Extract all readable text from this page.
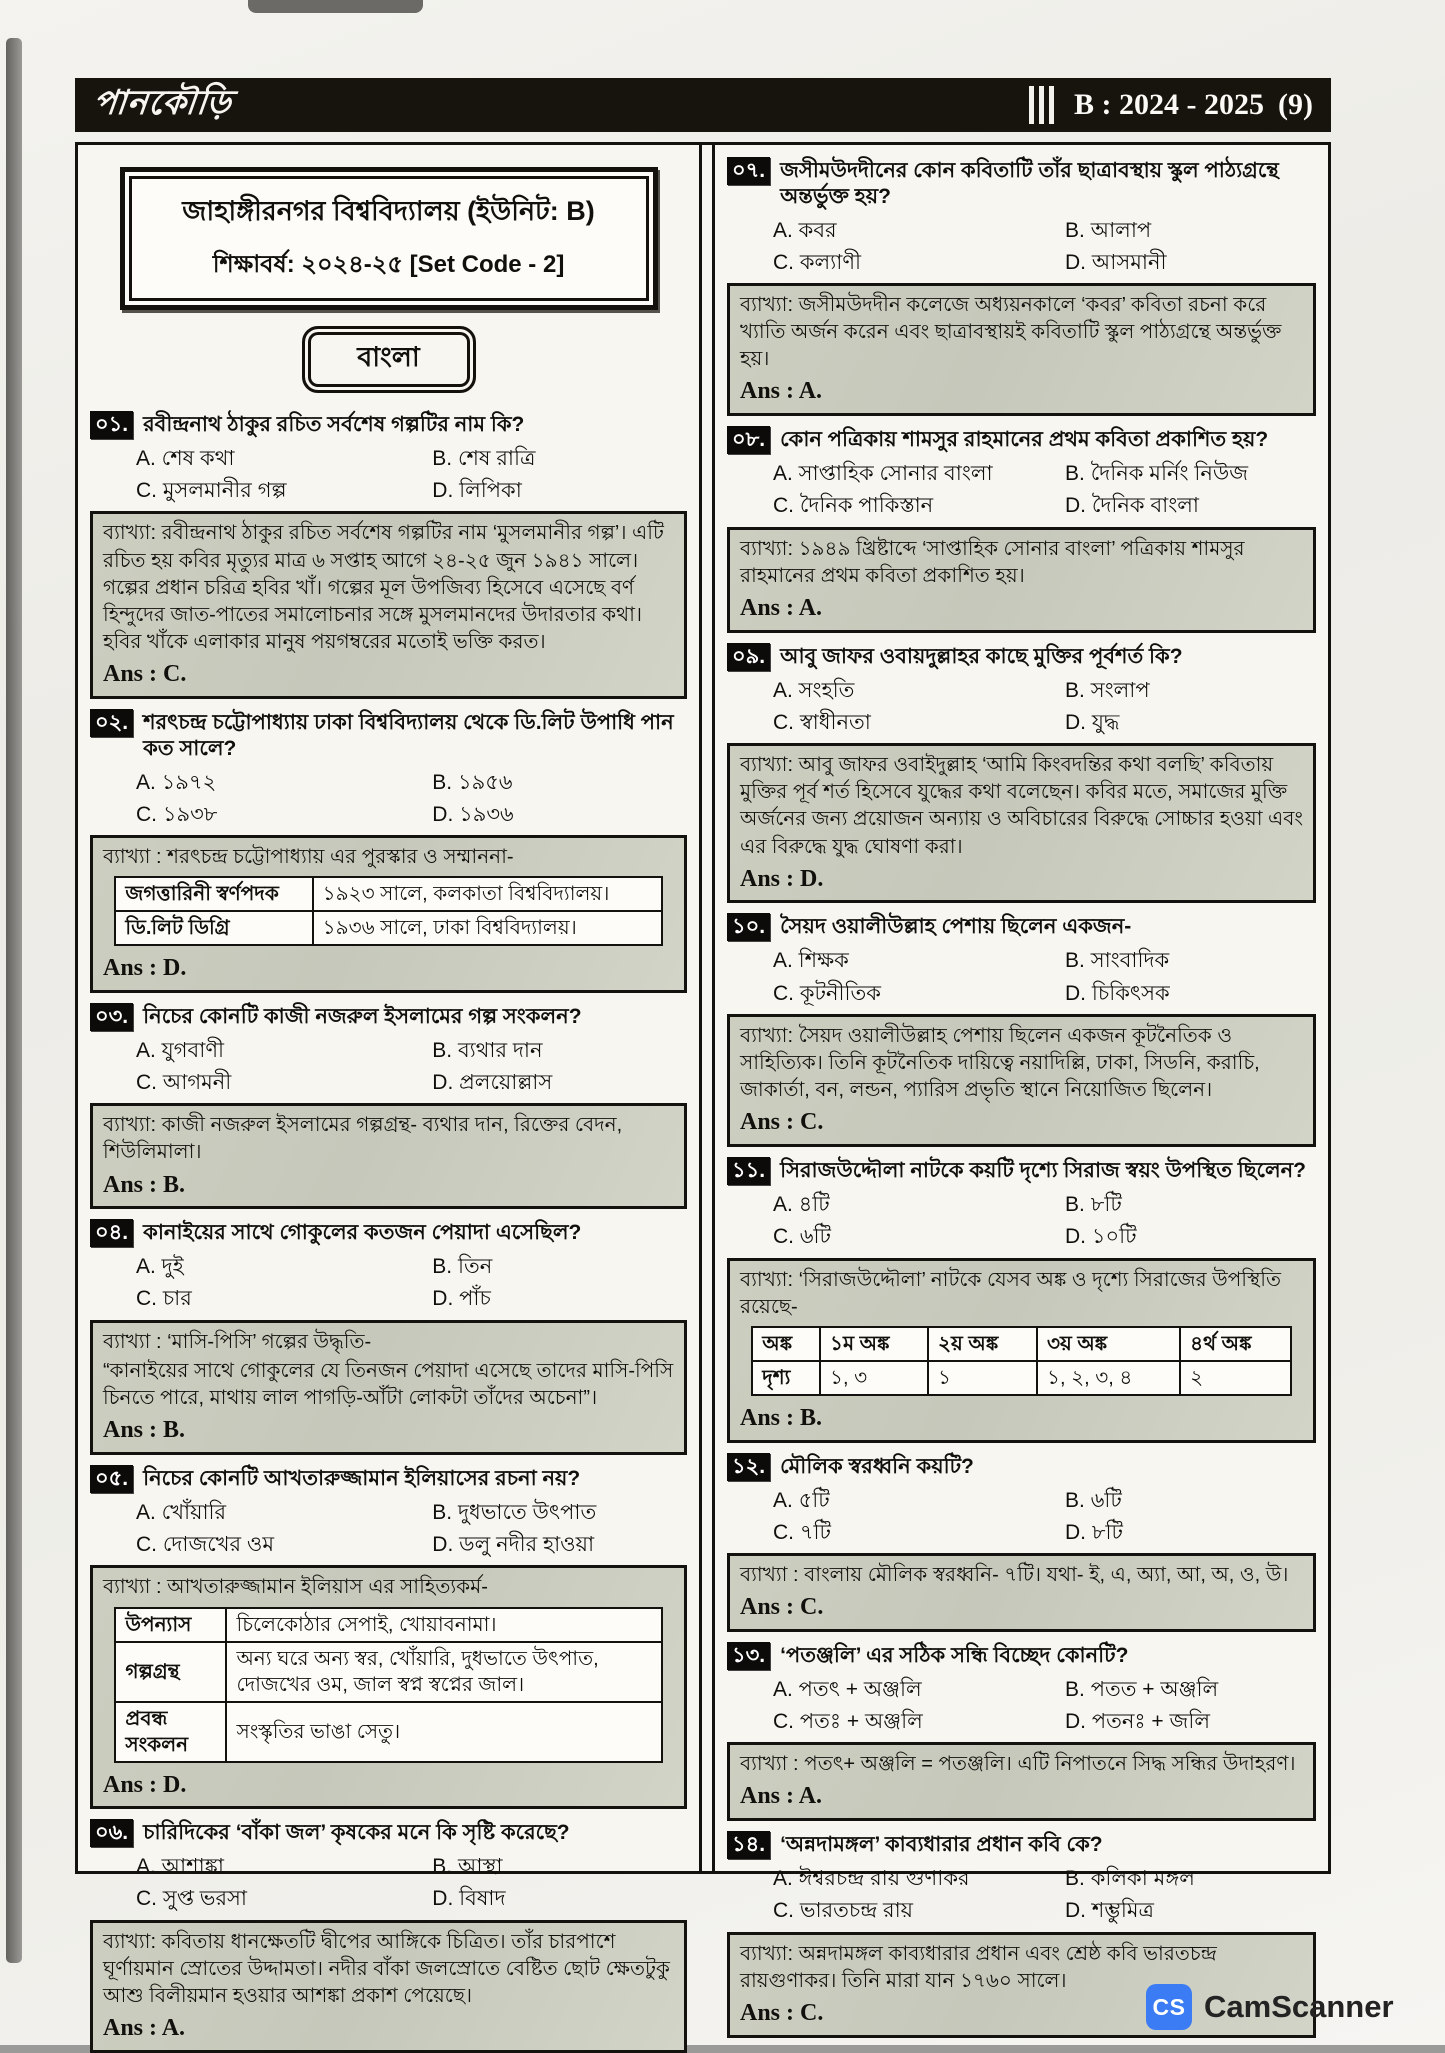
পানকৌড়ি	B : 2024 - 2025 (9)
জাহাঙ্গীরনগর বিশ্ববিদ্যালয় (ইউনিট: B)
শিক্ষাবর্ষ: ২০২৪-২৫ [Set Code - 2]
বাংলা
০১. রবীন্দ্রনাথ ঠাকুর রচিত সর্বশেষ গল্পটির নাম কি?
A. শেষ কথা	B. শেষ রাত্রি
C. মুসলমানীর গল্প	D. লিপিকা

ব্যাখ্যা: রবীন্দ্রনাথ ঠাকুর রচিত সর্বশেষ গল্পটির নাম ‘মুসলমানীর গল্প’। এটি রচিত হয় কবির মৃত্যুর মাত্র ৬ সপ্তাহ আগে ২৪-২৫ জুন ১৯৪১ সালে। গল্পের প্রধান চরিত্র হবির খাঁ। গল্পের মূল উপজিব্য হিসেবে এসেছে বর্ণ হিন্দুদের জাত-পাতের সমালোচনার সঙ্গে মুসলমানদের উদারতার কথা। হবির খাঁকে এলাকার মানুষ পয়গম্বরের মতোই ভক্তি করত।

Ans : C.
০২. শরৎচন্দ্র চট্টোপাধ্যায় ঢাকা বিশ্ববিদ্যালয় থেকে ডি.লিট উপাধি পান কত সালে?
A. ১৯৭২	B. ১৯৫৬
C. ১৯৩৮	D. ১৯৩৬

ব্যাখ্যা : শরৎচন্দ্র চট্টোপাধ্যায় এর পুরস্কার ও সম্মাননা-

জগত্তারিনী স্বর্ণপদক	১৯২৩ সালে, কলকাতা বিশ্ববিদ্যালয়।
ডি.লিট ডিগ্রি	১৯৩৬ সালে, ঢাকা বিশ্ববিদ্যালয়।
Ans : D.
০৩. নিচের কোনটি কাজী নজরুল ইসলামের গল্প সংকলন?
A. যুগবাণী	B. ব্যথার দান
C. আগমনী	D. প্রলয়োল্লাস

ব্যাখ্যা: কাজী নজরুল ইসলামের গল্পগ্রন্থ- ব্যথার দান, রিক্তের বেদন, শিউলিমালা।

Ans : B.
০৪. কানাইয়ের সাথে গোকুলের কতজন পেয়াদা এসেছিল?
A. দুই	B. তিন
C. চার	D. পাঁচ

ব্যাখ্যা : ‘মাসি-পিসি’ গল্পের উদ্ধৃতি-

“কানাইয়ের সাথে গোকুলের যে তিনজন পেয়াদা এসেছে তাদের মাসি-পিসি চিনতে পারে, মাথায় লাল পাগড়ি-আঁটা লোকটা তাঁদের অচেনা”।

Ans : B.
০৫. নিচের কোনটি আখতারুজ্জামান ইলিয়াসের রচনা নয়?
A. খোঁয়ারি	B. দুধভাতে উৎপাত
C. দোজখের ওম	D. ডলু নদীর হাওয়া

ব্যাখ্যা : আখতারুজ্জামান ইলিয়াস এর সাহিত্যকর্ম-

উপন্যাস	চিলেকোঠার সেপাই, খোয়াবনামা।
গল্পগ্রন্থ	অন্য ঘরে অন্য স্বর, খোঁয়ারি, দুধভাতে উৎপাত, দোজখের ওম, জাল স্বপ্ন স্বপ্নের জাল।
প্রবন্ধ সংকলন	সংস্কৃতির ভাঙা সেতু।
Ans : D.
০৬. চারিদিকের ‘বাঁকা জল’ কৃষকের মনে কি সৃষ্টি করেছে?
A. আশাঙ্কা	B. আস্থা
C. সুপ্ত ভরসা	D. বিষাদ

ব্যাখ্যা: কবিতায় ধানক্ষেতটি দ্বীপের আঙ্গিকে চিত্রিত। তাঁর চারপাশে ঘূর্ণায়মান স্রোতের উদ্দামতা। নদীর বাঁকা জলস্রোতে বেষ্টিত ছোট ক্ষেতটুকু আশু বিলীয়মান হওয়ার আশঙ্কা প্রকাশ পেয়েছে।

Ans : A.
০৭. জসীমউদদীনের কোন কবিতাটি তাঁর ছাত্রাবস্থায় স্কুল পাঠ্যগ্রন্থে অন্তর্ভুক্ত হয়?
A. কবর	B. আলাপ
C. কল্যাণী	D. আসমানী

ব্যাখ্যা: জসীমউদদীন কলেজে অধ্যয়নকালে ‘কবর’ কবিতা রচনা করে খ্যাতি অর্জন করেন এবং ছাত্রাবস্থায়ই কবিতাটি স্কুল পাঠ্যগ্রন্থে অন্তর্ভুক্ত হয়।

Ans : A.
০৮. কোন পত্রিকায় শামসুর রাহমানের প্রথম কবিতা প্রকাশিত হয়?
A. সাপ্তাহিক সোনার বাংলা	B. দৈনিক মর্নিং নিউজ
C. দৈনিক পাকিস্তান	D. দৈনিক বাংলা

ব্যাখ্যা: ১৯৪৯ খ্রিষ্টাব্দে ‘সাপ্তাহিক সোনার বাংলা’ পত্রিকায় শামসুর রাহমানের প্রথম কবিতা প্রকাশিত হয়।

Ans : A.
০৯. আবু জাফর ওবায়দুল্লাহর কাছে মুক্তির পূর্বশর্ত কি?
A. সংহতি	B. সংলাপ
C. স্বাধীনতা	D. যুদ্ধ

ব্যাখ্যা: আবু জাফর ওবাইদুল্লাহ ‘আমি কিংবদন্তির কথা বলছি’ কবিতায় মুক্তির পূর্ব শর্ত হিসেবে যুদ্ধের কথা বলেছেন। কবির মতে, সমাজের মুক্তি অর্জনের জন্য প্রয়োজন অন্যায় ও অবিচারের বিরুদ্ধে সোচ্চার হওয়া এবং এর বিরুদ্ধে যুদ্ধ ঘোষণা করা।

Ans : D.
১০. সৈয়দ ওয়ালীউল্লাহ পেশায় ছিলেন একজন-
A. শিক্ষক	B. সাংবাদিক
C. কূটনীতিক	D. চিকিৎসক

ব্যাখ্যা: সৈয়দ ওয়ালীউল্লাহ পেশায় ছিলেন একজন কূটনৈতিক ও সাহিত্যিক। তিনি কূটনৈতিক দায়িত্বে নয়াদিল্লি, ঢাকা, সিডনি, করাচি, জাকার্তা, বন, লন্ডন, প্যারিস প্রভৃতি স্থানে নিয়োজিত ছিলেন।

Ans : C.
১১. সিরাজউদ্দৌলা নাটকে কয়টি দৃশ্যে সিরাজ স্বয়ং উপস্থিত ছিলেন?
A. ৪টি	B. ৮টি
C. ৬টি	D. ১০টি

ব্যাখ্যা: ‘সিরাজউদ্দৌলা’ নাটকে যেসব অঙ্ক ও দৃশ্যে সিরাজের উপস্থিতি রয়েছে-

অঙ্ক	১ম অঙ্ক	২য় অঙ্ক	৩য় অঙ্ক	৪র্থ অঙ্ক
দৃশ্য	১, ৩	১	১, ২, ৩, ৪	২
Ans : B.
১২. মৌলিক স্বরধ্বনি কয়টি?
A. ৫টি	B. ৬টি
C. ৭টি	D. ৮টি

ব্যাখ্যা : বাংলায় মৌলিক স্বরধ্বনি- ৭টি। যথা- ই, এ, অ্যা, আ, অ, ও, উ।

Ans : C.
১৩. ‘পতঞ্জলি’ এর সঠিক সন্ধি বিচ্ছেদ কোনটি?
A. পতৎ + অঞ্জলি	B. পতত + অঞ্জলি
C. পতঃ + অঞ্জলি	D. পতনঃ + জলি

ব্যাখ্যা : পতৎ+ অঞ্জলি = পতঞ্জলি। এটি নিপাতনে সিদ্ধ সন্ধির উদাহরণ।

Ans : A.
১৪. ‘অন্নদামঙ্গল’ কাব্যধারার প্রধান কবি কে?
A. ঈশ্বরচন্দ্র রায় গুণাকর	B. কলিকা মঙ্গল
C. ভারতচন্দ্র রায়	D. শম্ভুমিত্র

ব্যাখ্যা: অন্নদামঙ্গল কাব্যধারার প্রধান এবং শ্রেষ্ঠ কবি ভারতচন্দ্র রায়গুণাকর। তিনি মারা যান ১৭৬০ সালে।

Ans : C.	CS CamScanner
